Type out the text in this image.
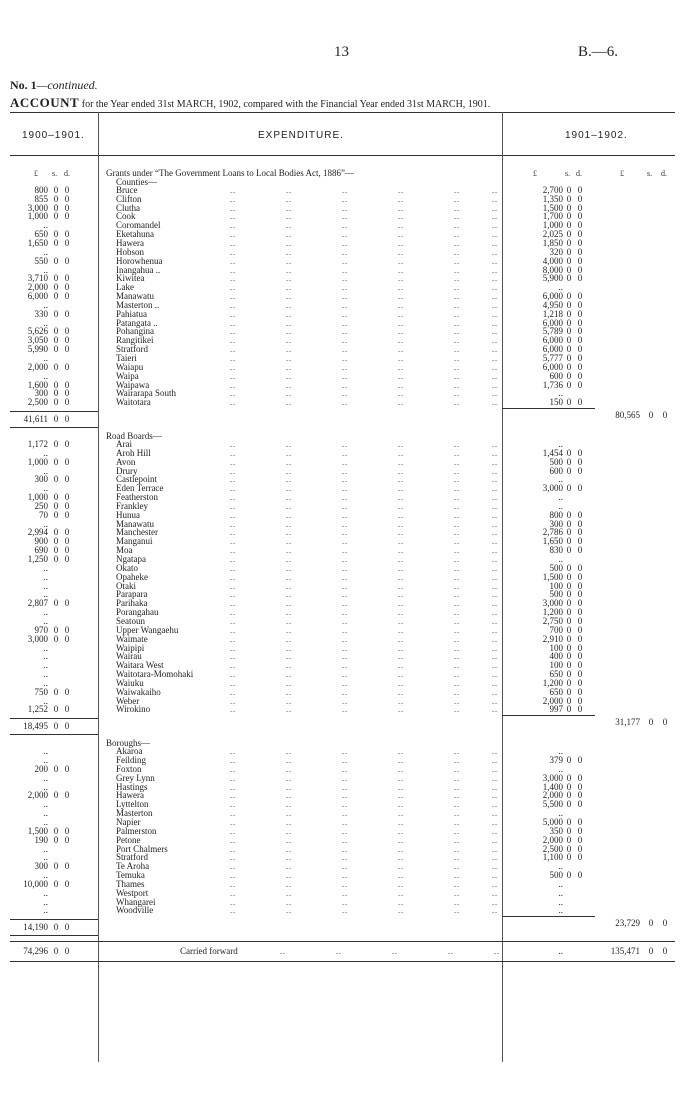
13	B.—6.
No. 1—continued.
ACCOUNT for the Year ended 31st MARCH, 1902, compared with the Financial Year ended 31st MARCH, 1901.
1900–1901.	EXPENDITURE.	1901–1902.
£ s. d.	£	s. d.	£	s. d.
Grants under “The Government Loans to Local Bodies Act, 1886”—
Counties—
800 0 0	Bruce	..	..	..	..	..	..	2,700 0 0
855 0 0	Clifton	..	..	..	..	..	..	1,350 0 0
3,000 0 0	Clutha	..	..	..	..	..	..	1,500 0 0
1,000 0 0	Cook	..	..	..	..	..	..	1,700 0 0
..	Coromandel	..	..	..	..	..	..	1,000 0 0
650 0 0	Eketahuna	..	..	..	..	..	..	2,025 0 0
1,650 0 0	Hawera	..	..	..	..	..	..	1,850 0 0
..	Hobson	..	..	..	..	..	..	320 0 0
550 0 0	Horowhenua	..	..	..	..	..	..	4,000 0 0
..	Inangahua ..	..	..	..	..	..	..	8,000 0 0
3,710 0 0	Kiwitea	..	..	..	..	..	..	5,900 0 0
2,000 0 0	Lake	..	..	..	..	..	..	..
6,000 0 0	Manawatu	..	..	..	..	..	..	6,000 0 0
..	Masterton ..	..	..	..	..	..	..	4,950 0 0
330 0 0	Pahiatua	..	..	..	..	..	..	1,218 0 0
..	Patangata ..	..	..	..	..	..	..	6,000 0 0
5,626 0 0	Pohangina	..	..	..	..	..	..	5,789 0 0
3,050 0 0	Rangitikei	..	..	..	..	..	..	6,000 0 0
5,990 0 0	Stratford	..	..	..	..	..	..	6,000 0 0
..	Taieri	..	..	..	..	..	..	5,777 0 0
2,000 0 0	Waiapu	..	..	..	..	..	..	6,000 0 0
..	Waipa	..	..	..	..	..	..	600 0 0
1,600 0 0	Waipawa	..	..	..	..	..	..	1,736 0 0
300 0 0	Wairarapa South	..	..	..	..	..	..	..
2,500 0 0	Waitotara	..	..	..	..	..	..	150 0 0
41,611 0 0	80,565 0 0
Road Boards—
1,172 0 0	Arai	..	..	..	..	..	..	..
..	Aroh Hill	..	..	..	..	..	..	1,454 0 0
1,000 0 0	Avon	..	..	..	..	..	..	500 0 0
..	Drury	..	..	..	..	..	..	600 0 0
300 0 0	Castlepoint	..	..	..	..	..	..	..
..	Eden Terrace	..	..	..	..	..	..	3,000 0 0
1,000 0 0	Featherston	..	..	..	..	..	..	..
250 0 0	Frankley	..	..	..	..	..	..	..
70 0 0	Hunua	..	..	..	..	..	..	800 0 0
..	Manawatu	..	..	..	..	..	..	300 0 0
2,994 0 0	Manchester	..	..	..	..	..	..	2,786 0 0
900 0 0	Manganui	..	..	..	..	..	..	1,650 0 0
690 0 0	Moa	..	..	..	..	..	..	830 0 0
1,250 0 0	Ngatapa	..	..	..	..	..	..	..
..	Okato	..	..	..	..	..	..	500 0 0
..	Opaheke	..	..	..	..	..	..	1,500 0 0
..	Otaki	..	..	..	..	..	..	100 0 0
..	Parapara	..	..	..	..	..	..	500 0 0
2,807 0 0	Parihaka	..	..	..	..	..	..	3,000 0 0
..	Porangahau	..	..	..	..	..	..	1,200 0 0
..	Seatoun	..	..	..	..	..	..	2,750 0 0
970 0 0	Upper Wangaehu	..	..	..	..	..	..	700 0 0
3,000 0 0	Waimate	..	..	..	..	..	..	2,910 0 0
..	Waipipi	..	..	..	..	..	..	100 0 0
..	Wairau	..	..	..	..	..	..	400 0 0
..	Waitara West	..	..	..	..	..	..	100 0 0
..	Waitotara-Momohaki	..	..	..	..	..	..	650 0 0
..	Waiuku	..	..	..	..	..	..	1,200 0 0
750 0 0	Waiwakaiho	..	..	..	..	..	..	650 0 0
..	Weber	..	..	..	..	..	..	2,000 0 0
1,252 0 0	Wirokino	..	..	..	..	..	..	997 0 0
18,495 0 0	31,177 0 0
Boroughs—
..	Akaroa	..	..	..	..	..	..	..
..	Feilding	..	..	..	..	..	..	379 0 0
200 0 0	Foxton	..	..	..	..	..	..	..
..	Grey Lynn	..	..	..	..	..	..	3,000 0 0
..	Hastings	..	..	..	..	..	..	1,400 0 0
2,000 0 0	Hawera	..	..	..	..	..	..	2,000 0 0
..	Lyttelton	..	..	..	..	..	..	5,500 0 0
..	Masterton	..	..	..	..	..	..	..
..	Napier	..	..	..	..	..	..	5,000 0 0
1,500 0 0	Palmerston	..	..	..	..	..	..	350 0 0
190 0 0	Petone	..	..	..	..	..	..	2,000 0 0
..	Port Chalmers	..	..	..	..	..	..	2,500 0 0
..	Stratford	..	..	..	..	..	..	1,100 0 0
300 0 0	Te Aroha	..	..	..	..	..	..	..
..	Temuka	..	..	..	..	..	..	500 0 0
10,000 0 0	Thames	..	..	..	..	..	..	..
..	Westport	..	..	..	..	..	..	..
..	Whangarei	..	..	..	..	..	..	..
..	Woodville	..	..	..	..	..	..	..
14,190 0 0	23,729 0 0
74,296 0 0	Carried forward	..	..	..	..	..	..	135,471 0 0
